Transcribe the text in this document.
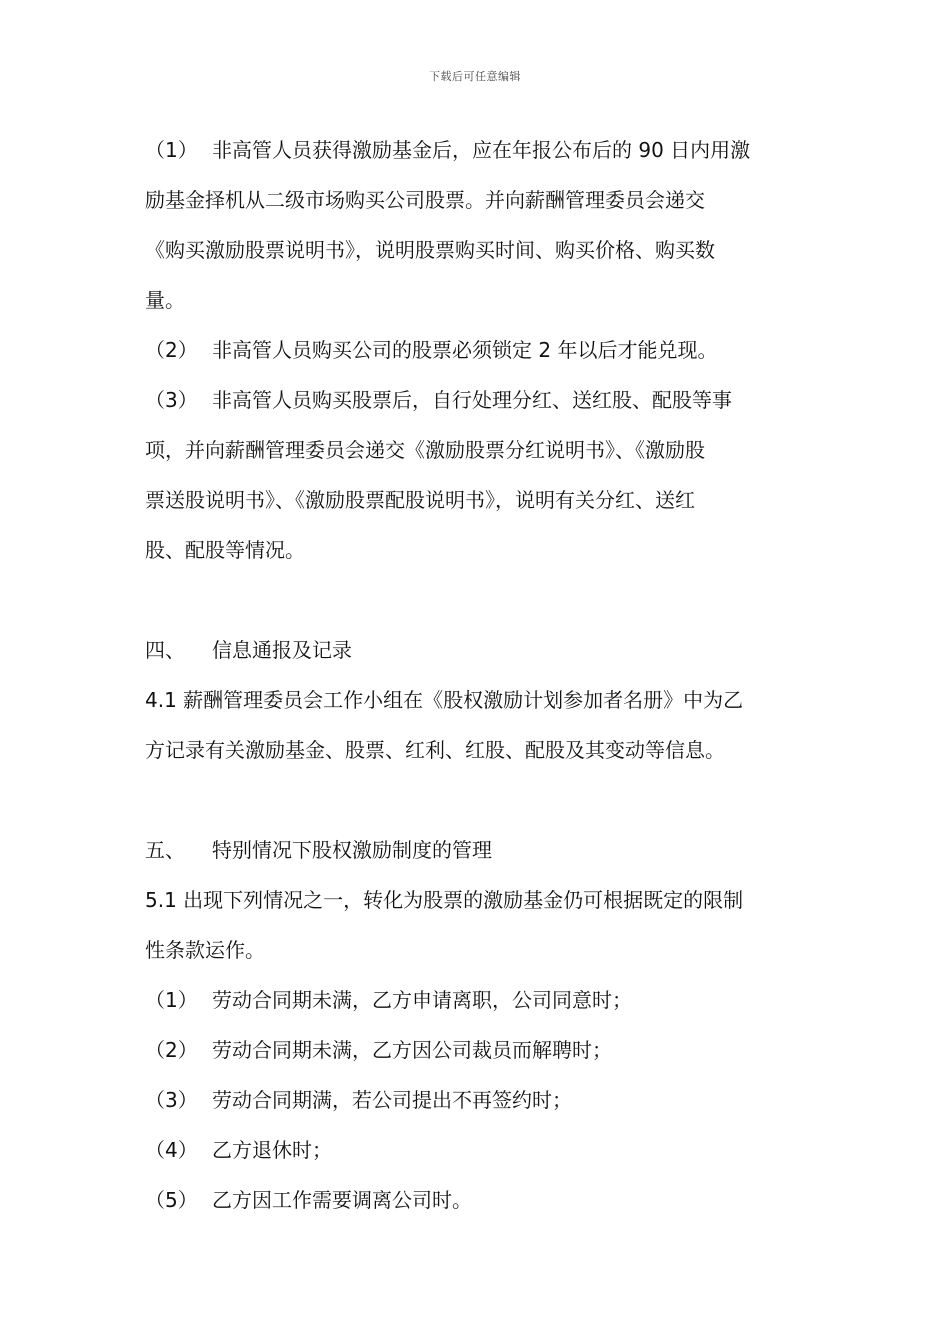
下载后可任意编辑
（1） 非高管人员获得激励基金后，应在年报公布后的 90 日内用激
励基金择机从二级市场购买公司股票。并向薪酬管理委员会递交
《购买激励股票说明书》，说明股票购买时间、购买价格、购买数
量。
（2） 非高管人员购买公司的股票必须锁定 2 年以后才能兑现。
（3） 非高管人员购买股票后，自行处理分红、送红股、配股等事
项，并向薪酬管理委员会递交《激励股票分红说明书》、《激励股
票送股说明书》、《激励股票配股说明书》，说明有关分红、送红
股、配股等情况。
四、 信息通报及记录
4.1 薪酬管理委员会工作小组在《股权激励计划参加者名册》中为乙
方记录有关激励基金、股票、红利、红股、配股及其变动等信息。
五、 特别情况下股权激励制度的管理
5.1 出现下列情况之一，转化为股票的激励基金仍可根据既定的限制
性条款运作。
（1） 劳动合同期未满，乙方申请离职，公司同意时；
（2） 劳动合同期未满，乙方因公司裁员而解聘时；
（3） 劳动合同期满，若公司提出不再签约时；
（4） 乙方退休时；
（5） 乙方因工作需要调离公司时。
